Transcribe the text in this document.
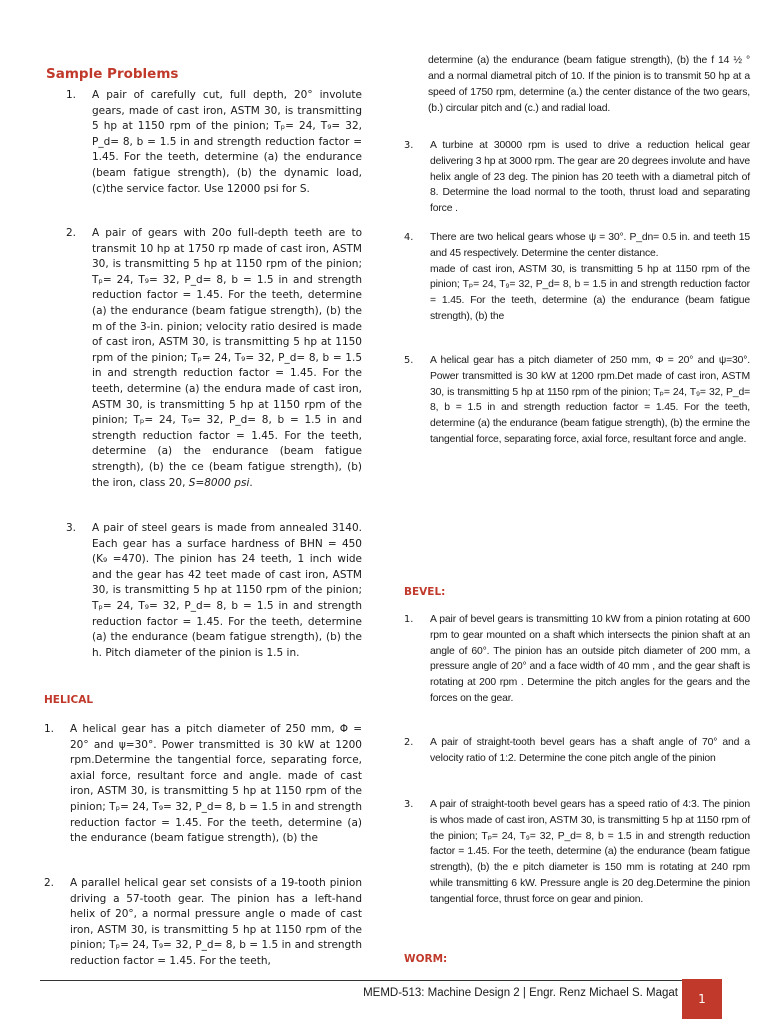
Sample Problems
1.	A pair of carefully cut, full depth, 20° involute gears, made of cast iron, ASTM 30, is transmitting 5 hp at 1150 rpm of the pinion; Tₚ= 24, T₉= 32, P_d= 8, b = 1.5 in and strength reduction factor = 1.45. For the teeth, determine (a) the endurance (beam fatigue strength), (b) the dynamic load, (c)the service factor. Use 12000 psi for S.

2.	A pair of gears with 20o full-depth teeth are to transmit 10 hp at 1750 rp made of cast iron, ASTM 30, is transmitting 5 hp at 1150 rpm of the pinion; Tₚ= 24, T₉= 32, P_d= 8, b = 1.5 in and strength reduction factor = 1.45. For the teeth, determine (a) the endurance (beam fatigue strength), (b) the m of the 3-in. pinion; velocity ratio desired is made of cast iron, ASTM 30, is transmitting 5 hp at 1150 rpm of the pinion; Tₚ= 24, T₉= 32, P_d= 8, b = 1.5 in and strength reduction factor = 1.45. For the teeth, determine (a) the endura made of cast iron, ASTM 30, is transmitting 5 hp at 1150 rpm of the pinion; Tₚ= 24, T₉= 32, P_d= 8, b = 1.5 in and strength reduction factor = 1.45. For the teeth, determine (a) the endurance (beam fatigue strength), (b) the ce (beam fatigue strength), (b) the iron, class 20, S=8000 psi.

3.	A pair of steel gears is made from annealed 3140. Each gear has a surface hardness of BHN = 450 (K₉ =470). The pinion has 24 teeth, 1 inch wide and the gear has 42 teet made of cast iron, ASTM 30, is transmitting 5 hp at 1150 rpm of the pinion; Tₚ= 24, T₉= 32, P_d= 8, b = 1.5 in and strength reduction factor = 1.45. For the teeth, determine (a) the endurance (beam fatigue strength), (b) the h. Pitch diameter of the pinion is 1.5 in.

HELICAL
1.	A helical gear has a pitch diameter of 250 mm, Φ = 20° and ψ=30°. Power transmitted is 30 kW at 1200 rpm.Determine the tangential force, separating force, axial force, resultant force and angle. made of cast iron, ASTM 30, is transmitting 5 hp at 1150 rpm of the pinion; Tₚ= 24, T₉= 32, P_d= 8, b = 1.5 in and strength reduction factor = 1.45. For the teeth, determine (a) the endurance (beam fatigue strength), (b) the

2.	A parallel helical gear set consists of a 19-tooth pinion driving a 57-tooth gear. The pinion has a left-hand helix of 20°, a normal pressure angle o made of cast iron, ASTM 30, is transmitting 5 hp at 1150 rpm of the pinion; Tₚ= 24, T₉= 32, P_d= 8, b = 1.5 in and strength reduction factor = 1.45. For the teeth,

determine (a) the endurance (beam fatigue strength), (b) the f 14 ½ ° and a normal diametral pitch of 10. If the pinion is to transmit 50 hp at a speed of 1750 rpm, determine (a.) the center distance of the two gears, (b.) circular pitch and (c.) and radial load.

3.	A turbine at 30000 rpm is used to drive a reduction helical gear delivering 3 hp at 3000 rpm. The gear are 20 degrees involute and have helix angle of 23 deg. The pinion has 20 teeth with a diametral pitch of 8. Determine the load normal to the tooth, thrust load and separating force .

4.	There are two helical gears whose ψ = 30°. P_dn= 0.5 in. and teeth 15 and 45 respectively. Determine the center distance.

made of cast iron, ASTM 30, is transmitting 5 hp at 1150 rpm of the pinion; Tₚ= 24, T₉= 32, P_d= 8, b = 1.5 in and strength reduction factor = 1.45. For the teeth, determine (a) the endurance (beam fatigue strength), (b) the

5.	A helical gear has a pitch diameter of 250 mm, Φ = 20° and ψ=30°. Power transmitted is 30 kW at 1200 rpm.Det made of cast iron, ASTM 30, is transmitting 5 hp at 1150 rpm of the pinion; Tₚ= 24, T₉= 32, P_d= 8, b = 1.5 in and strength reduction factor = 1.45. For the teeth, determine (a) the endurance (beam fatigue strength), (b) the ermine the tangential force, separating force, axial force, resultant force and angle.

BEVEL:
1.	A pair of bevel gears is transmitting 10 kW from a pinion rotating at 600 rpm to gear mounted on a shaft which intersects the pinion shaft at an angle of 60°. The pinion has an outside pitch diameter of 200 mm, a pressure angle of 20° and a face width of 40 mm , and the gear shaft is rotating at 200 rpm . Determine the pitch angles for the gears and the forces on the gear.

2.	A pair of straight-tooth bevel gears has a shaft angle of 70° and a velocity ratio of 1:2. Determine the cone pitch angle of the pinion

3.	A pair of straight-tooth bevel gears has a speed ratio of 4:3. The pinion is whos made of cast iron, ASTM 30, is transmitting 5 hp at 1150 rpm of the pinion; Tₚ= 24, T₉= 32, P_d= 8, b = 1.5 in and strength reduction factor = 1.45. For the teeth, determine (a) the endurance (beam fatigue strength), (b) the e pitch diameter is 150 mm is rotating at 240 rpm while transmitting 6 kW. Pressure angle is 20 deg.Determine the pinion tangential force, thrust force on gear and pinion.

WORM:
MEMD-513: Machine Design 2 | Engr. Renz Michael S. Magat	1
